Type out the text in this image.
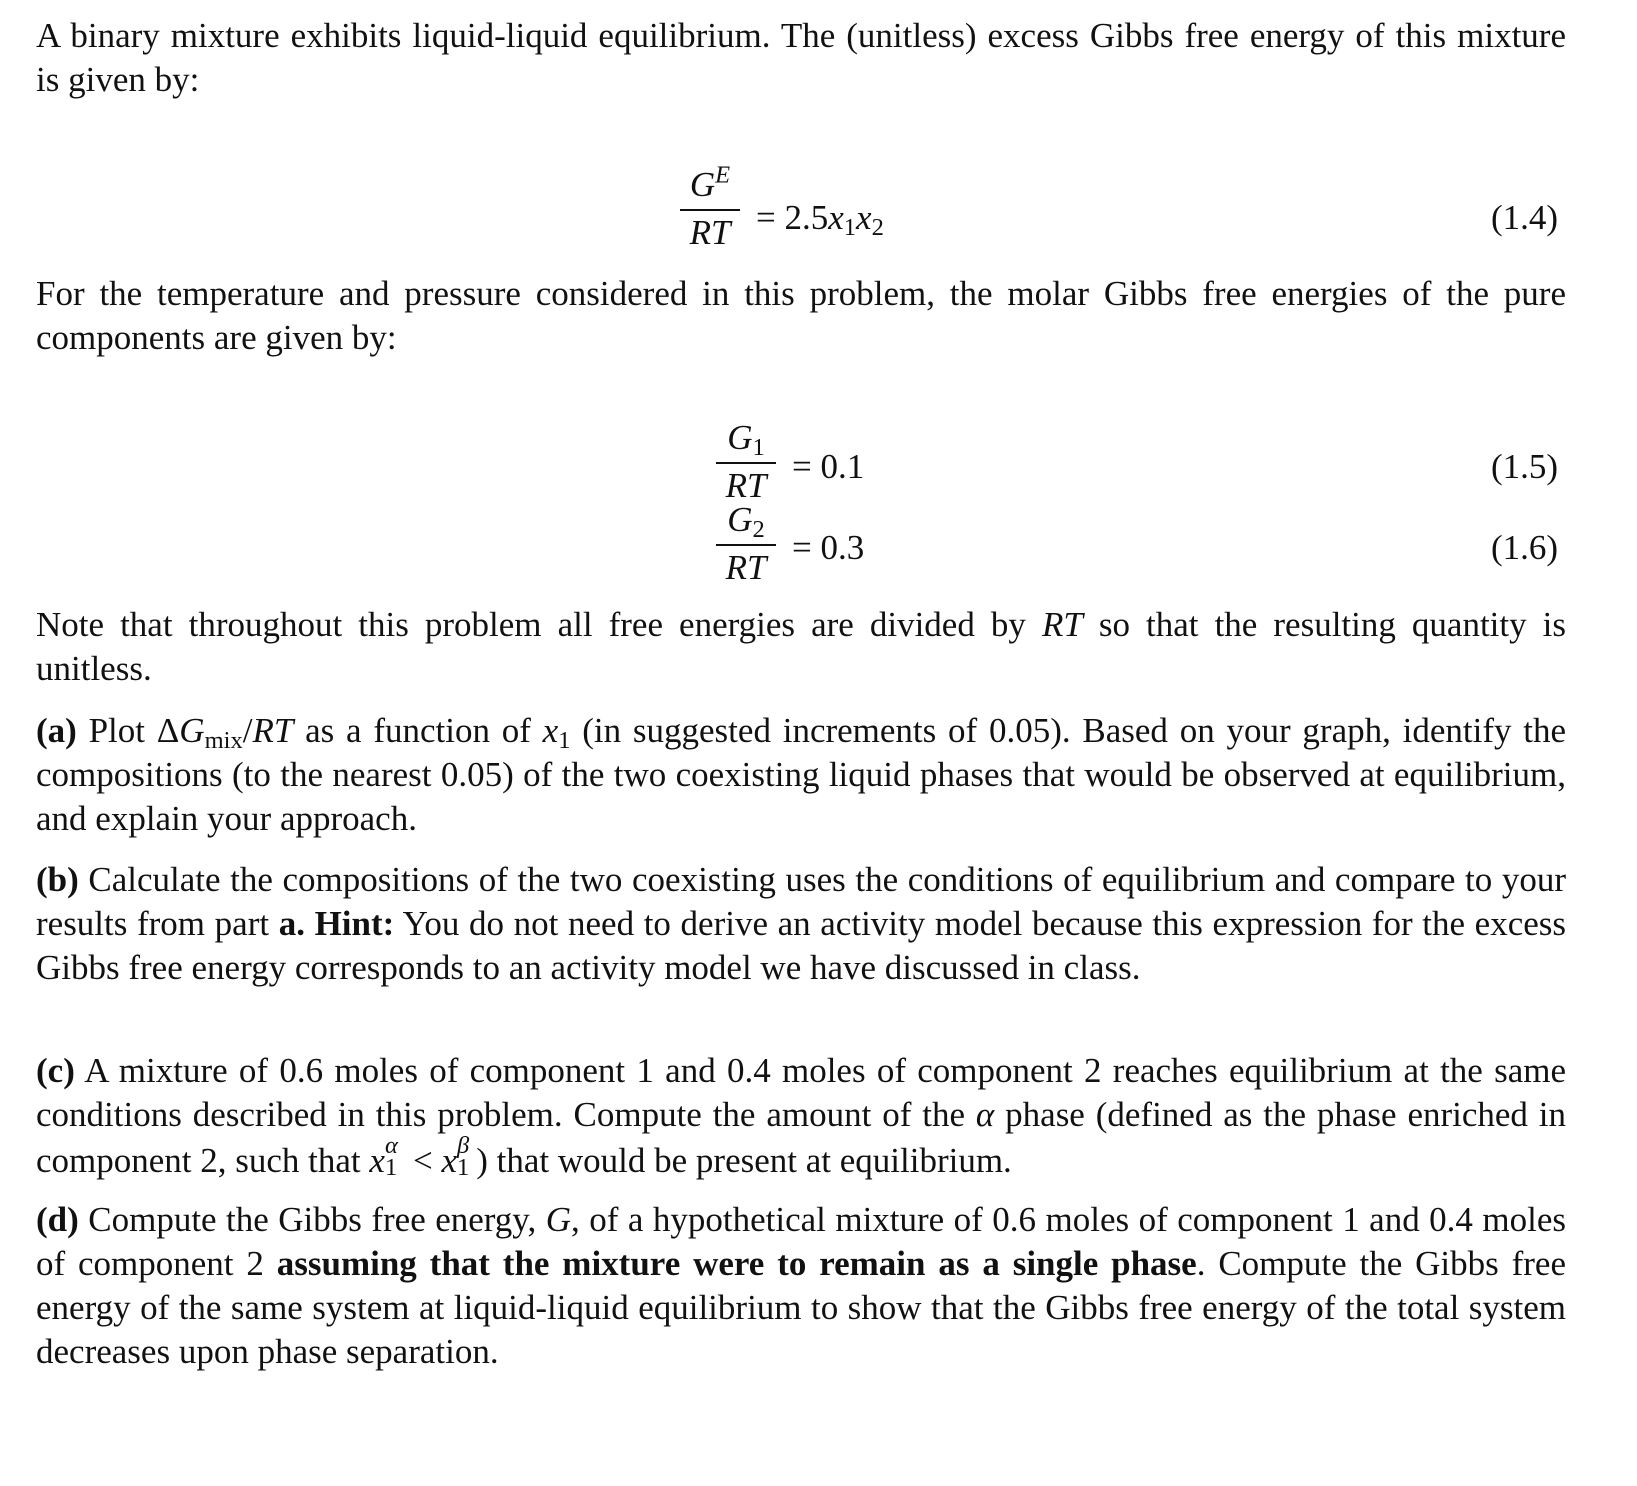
A binary mixture exhibits liquid-liquid equilibrium. The (unitless) excess Gibbs free energy of this mixture is given by:

$\frac{G^E}{RT} = 2.5x_1x_2$	(1.4)

For the temperature and pressure considered in this problem, the molar Gibbs free energies of the pure components are given by:

$\frac{G_1}{RT} = 0.1$	(1.5)
$\frac{G_2}{RT} = 0.3$	(1.6)

Note that throughout this problem all free energies are divided by RT so that the resulting quantity is unitless.

(a) Plot $\Delta G_{mix}/RT$ as a function of $x_1$ (in suggested increments of 0.05). Based on your graph, identify the compositions (to the nearest 0.05) of the two coexisting liquid phases that would be observed at equilibrium, and explain your approach.

(b) Calculate the compositions of the two coexisting uses the conditions of equilibrium and compare to your results from part a. Hint: You do not need to derive an activity model because this expression for the excess Gibbs free energy corresponds to an activity model we have discussed in class.

(c) A mixture of 0.6 moles of component 1 and 0.4 moles of component 2 reaches equilibrium at the same conditions described in this problem. Compute the amount of the α phase (defined as the phase enriched in component 2, such that x α
1 < x β
1 ) that would be present at equilibrium.

(d) Compute the Gibbs free energy, G, of a hypothetical mixture of 0.6 moles of component 1 and 0.4 moles of component 2 assuming that the mixture were to remain as a single phase. Compute the Gibbs free energy of the same system at liquid-liquid equilibrium to show that the Gibbs free energy of the total system decreases upon phase separation.
